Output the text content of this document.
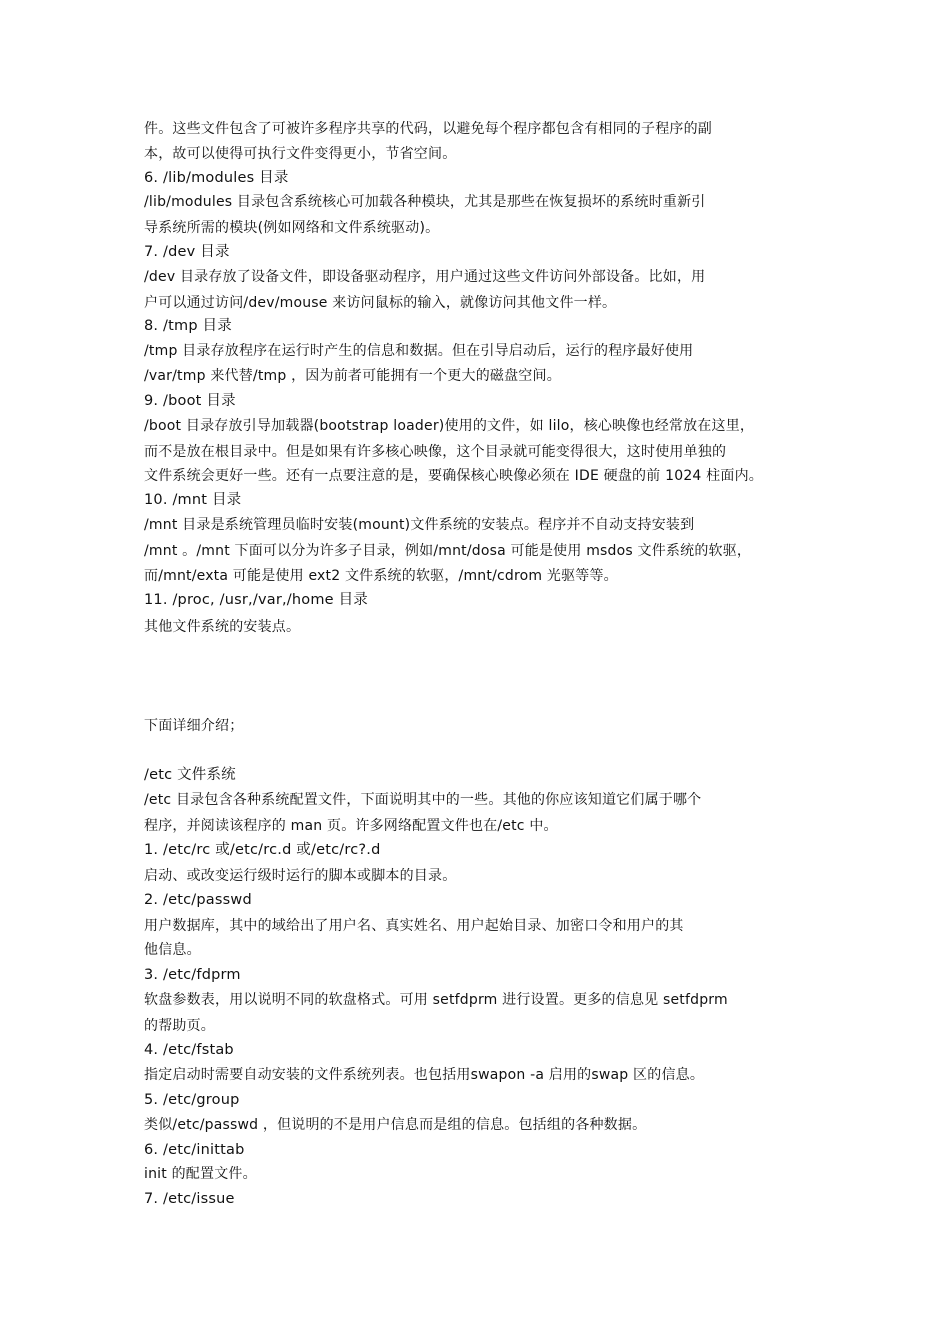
件。这些文件包含了可被许多程序共享的代码，以避免每个程序都包含有相同的子程序的副
本，故可以使得可执行文件变得更小，节省空间。
6. /lib/modules 目录
/lib/modules 目录包含系统核心可加载各种模块，尤其是那些在恢复损坏的系统时重新引
导系统所需的模块(例如网络和文件系统驱动)。
7. /dev 目录
/dev 目录存放了设备文件，即设备驱动程序，用户通过这些文件访问外部设备。比如，用
户可以通过访问/dev/mouse 来访问鼠标的输入，就像访问其他文件一样。
8. /tmp 目录
/tmp 目录存放程序在运行时产生的信息和数据。但在引导启动后，运行的程序最好使用
/var/tmp 来代替/tmp ，因为前者可能拥有一个更大的磁盘空间。
9. /boot 目录
/boot 目录存放引导加载器(bootstrap loader)使用的文件，如 lilo，核心映像也经常放在这里，
而不是放在根目录中。但是如果有许多核心映像，这个目录就可能变得很大，这时使用单独的
文件系统会更好一些。还有一点要注意的是，要确保核心映像必须在 IDE 硬盘的前 1024 柱面内。
10. /mnt 目录
/mnt 目录是系统管理员临时安装(mount)文件系统的安装点。程序并不自动支持安装到
/mnt 。/mnt 下面可以分为许多子目录，例如/mnt/dosa 可能是使用 msdos 文件系统的软驱，
而/mnt/exta 可能是使用 ext2 文件系统的软驱，/mnt/cdrom 光驱等等。
11. /proc, /usr,/var,/home 目录
其他文件系统的安装点。
下面详细介绍；
/etc 文件系统
/etc 目录包含各种系统配置文件，下面说明其中的一些。其他的你应该知道它们属于哪个
程序，并阅读该程序的 man 页。许多网络配置文件也在/etc 中。
1. /etc/rc 或/etc/rc.d 或/etc/rc?.d
启动、或改变运行级时运行的脚本或脚本的目录。
2. /etc/passwd
用户数据库，其中的域给出了用户名、真实姓名、用户起始目录、加密口令和用户的其
他信息。
3. /etc/fdprm
软盘参数表，用以说明不同的软盘格式。可用 setfdprm 进行设置。更多的信息见 setfdprm
的帮助页。
4. /etc/fstab
指定启动时需要自动安装的文件系统列表。也包括用swapon -a 启用的swap 区的信息。
5. /etc/group
类似/etc/passwd ，但说明的不是用户信息而是组的信息。包括组的各种数据。
6. /etc/inittab
init 的配置文件。
7. /etc/issue
